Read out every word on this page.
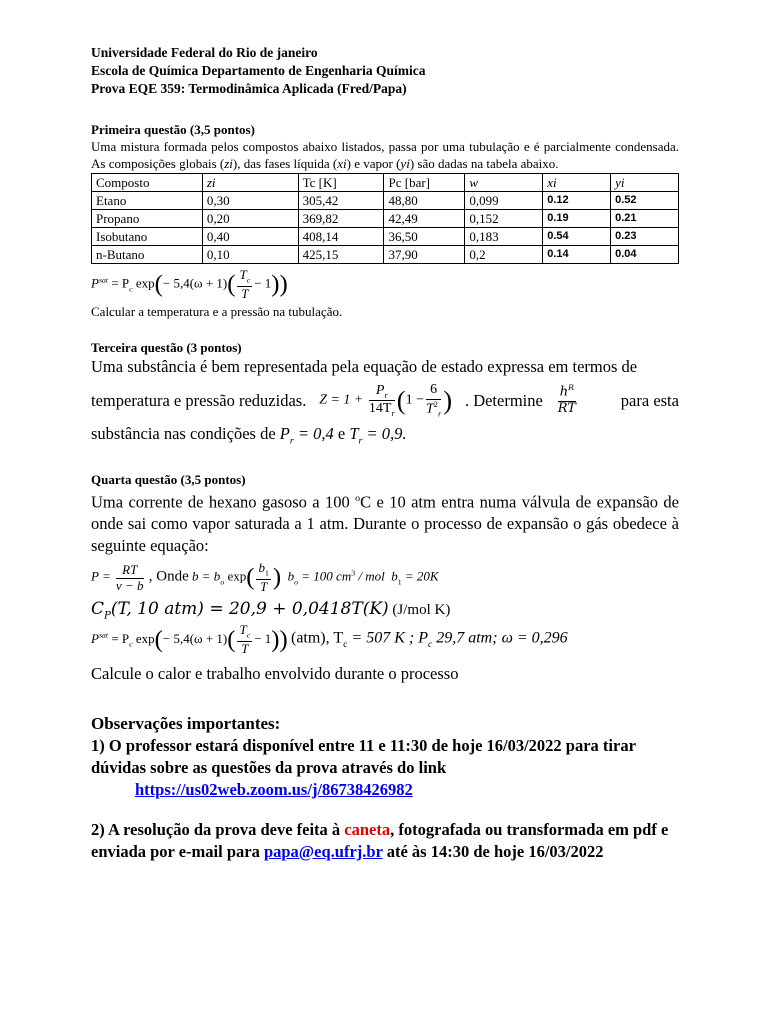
Universidade Federal do Rio de janeiro
Escola de Química Departamento de Engenharia Química
Prova EQE 359: Termodinâmica Aplicada (Fred/Papa)
Primeira questão (3,5 pontos)
Uma mistura formada pelos compostos abaixo listados, passa por uma tubulação e é parcialmente condensada. As composições globais (zi), das fases líquida (xi) e vapor (yi) são dadas na tabela abaixo.
Composto	zi	Tc [K]	Pc [bar]	w	xi	yi
Etano	0,30	305,42	48,80	0,099	0.12	0.52
Propano	0,20	369,82	42,49	0,152	0.19	0.21
Isobutano	0,40	408,14	36,50	0,183	0.54	0.23
n-Butano	0,10	425,15	37,90	0,2	0.14	0.04
$P^{sat} = P_c$ $\exp(- 5,4(\omega + 1)( \frac{T_c}{T} - 1))$
Calcular a temperatura e a pressão na tubulação.
Terceira questão (3 pontos)
Uma substância é bem representada pela equação de estado expressa em termos de
temperatura e pressão reduzidas. $Z = 1 + \frac{P_r}{14T_r} (1 - \frac{6}{T^2_r}$ ) . Determine $\frac{h^R}{RT}$	para esta
substância nas condições de $P_r = 0,4$ e $T_r = 0,9$.
Quarta questão (3,5 pontos)
Uma corrente de hexano gasoso a 100 $^o$C e 10 atm entra numa válvula de expansão de onde sai como vapor saturada a 1 atm. Durante o processo de expansão o gás obedece à seguinte equação:
$P = \frac{RT}{v - b}$ , Onde $b = b_o$ $\exp( \frac{b_1}{T}$ ) $b_o = 100$ $cm^3$ / mol $b_1 = 20K$
$C_P(T$, 10 atm) = 20,9 + 0,0418T(K) (J/mol K)
$P^{sat} = P_c$ $\exp(- 5,4(\omega + 1)( \frac{T_c}{T} - 1))$ (atm), $T_c = 507$ K ; $P_c$ 29,7 atm; ω = 0,296
Calcule o calor e trabalho envolvido durante o processo
Observações importantes:
1) O professor estará disponível entre 11 e 11:30 de hoje 16/03/2022 para tirar dúvidas sobre as questões da prova através do link
https://us02web.zoom.us/j/86738426982
2) A resolução da prova deve feita à caneta, fotografada ou transformada em pdf e enviada por e-mail para papa@eq.ufrj.br até às 14:30 de hoje 16/03/2022
